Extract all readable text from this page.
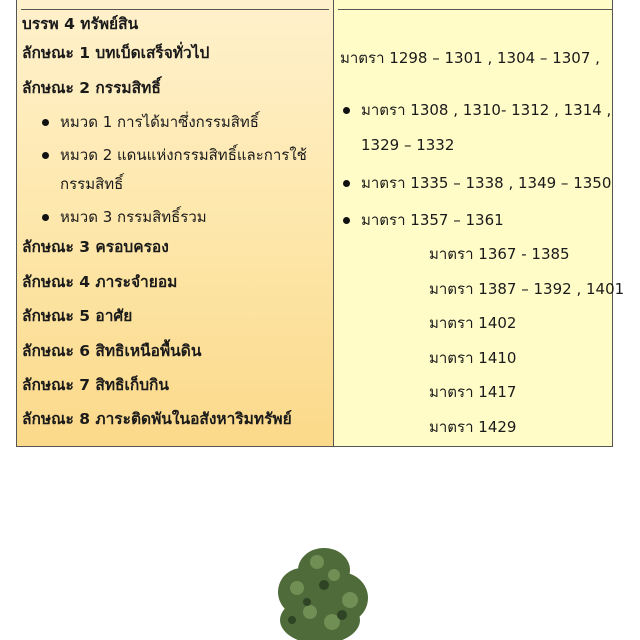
บรรพ 4 ทรัพย์สิน
ลักษณะ 1 บทเบ็ดเสร็จทั่วไป
ลักษณะ 2 กรรมสิทธิ์
หมวด 1 การได้มาซึ่งกรรมสิทธิ์
หมวด 2 แดนแห่งกรรมสิทธิ์และการใช้
กรรมสิทธิ์
หมวด 3 กรรมสิทธิ์รวม
ลักษณะ 3 ครอบครอง
ลักษณะ 4 ภาระจำยอม
ลักษณะ 5 อาศัย
ลักษณะ 6 สิทธิเหนือพื้นดิน
ลักษณะ 7 สิทธิเก็บกิน
ลักษณะ 8 ภาระติดพันในอสังหาริมทรัพย์
มาตรา 1298 – 1301 , 1304 – 1307 ,
มาตรา 1308 , 1310- 1312 , 1314 ,
1329 – 1332
มาตรา 1335 – 1338 , 1349 – 1350
มาตรา 1357 – 1361
มาตรา 1367 - 1385
มาตรา 1387 – 1392 , 1401
มาตรา 1402
มาตรา 1410
มาตรา 1417
มาตรา 1429
